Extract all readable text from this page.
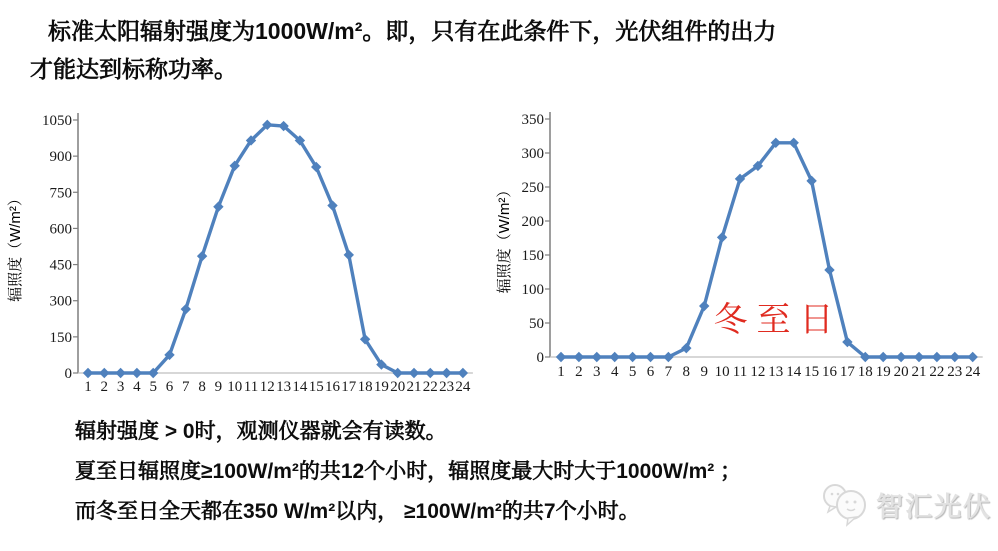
标准太阳辐射强度为1000W/m²。即，只有在此条件下，光伏组件的出力
才能达到标称功率。
0
150
300
450
600
750
900
1050
1 2 3 4 5 6 7 8 9 10 11 12 13 14 15 16 17 18 19 20 21 22 23 24
辐照度（W/m²）
0
50
100
150
200
250
300
350
1 2 3 4 5 6 7 8 9 10 11 12 13 14 15 16 17 18 19 20 21 22 23 24
辐照度（W/m²）
冬至日
辐射强度 > 0时，观测仪器就会有读数。
夏至日辐照度≥100W/m²的共12个小时，辐照度最大时大于1000W/m² ；
而冬至日全天都在350 W/m²以内， ≥100W/m²的共7个小时。	智汇光伏
